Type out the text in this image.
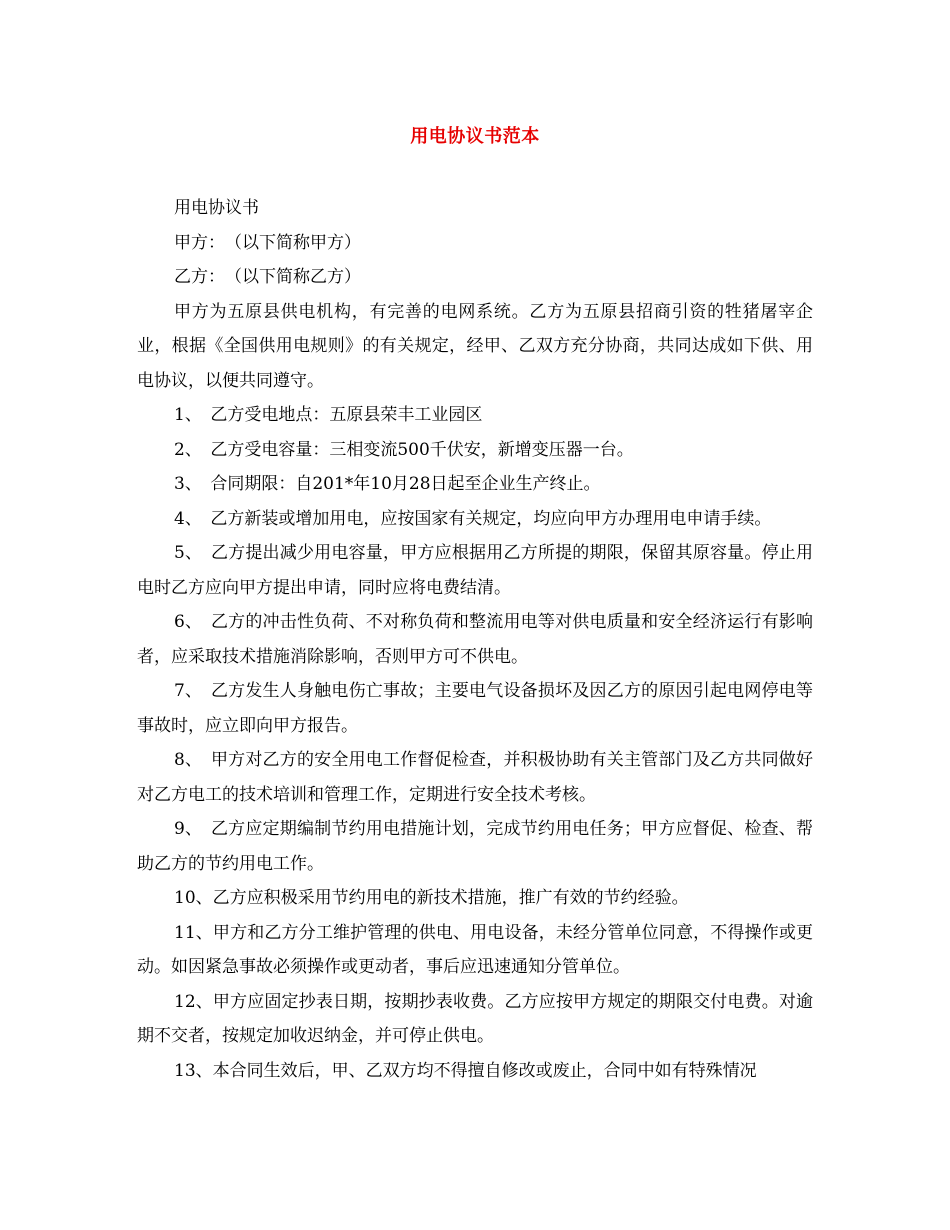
用电协议书范本

用电协议书

甲方：　（以下简称甲方）

乙方：　（以下简称乙方）

甲方为五原县供电机构，有完善的电网系统。乙方为五原县招商引资的牲猪屠宰企业，根据《全国供用电规则》的有关规定，经甲、乙双方充分协商，共同达成如下供、用电协议，以便共同遵守。

1、　乙方受电地点：五原县荣丰工业园区

2、　乙方受电容量：三相变流500千伏安，新增变压器一台。

3、　合同期限：自201*年10月28日起至企业生产终止。

4、　乙方新装或增加用电，应按国家有关规定，均应向甲方办理用电申请手续。

5、　乙方提出减少用电容量，甲方应根据用乙方所提的期限，保留其原容量。停止用电时乙方应向甲方提出申请，同时应将电费结清。

6、　乙方的冲击性负荷、不对称负荷和整流用电等对供电质量和安全经济运行有影响者，应采取技术措施消除影响，否则甲方可不供电。

7、　乙方发生人身触电伤亡事故；主要电气设备损坏及因乙方的原因引起电网停电等事故时，应立即向甲方报告。

8、　甲方对乙方的安全用电工作督促检查，并积极协助有关主管部门及乙方共同做好对乙方电工的技术培训和管理工作，定期进行安全技术考核。

9、　乙方应定期编制节约用电措施计划，完成节约用电任务；甲方应督促、检查、帮助乙方的节约用电工作。

10、乙方应积极采用节约用电的新技术措施，推广有效的节约经验。

11、甲方和乙方分工维护管理的供电、用电设备，未经分管单位同意，不得操作或更动。如因紧急事故必须操作或更动者，事后应迅速通知分管单位。

12、甲方应固定抄表日期，按期抄表收费。乙方应按甲方规定的期限交付电费。对逾期不交者，按规定加收迟纳金，并可停止供电。

13、本合同生效后，甲、乙双方均不得擅自修改或废止，合同中如有特殊情况
